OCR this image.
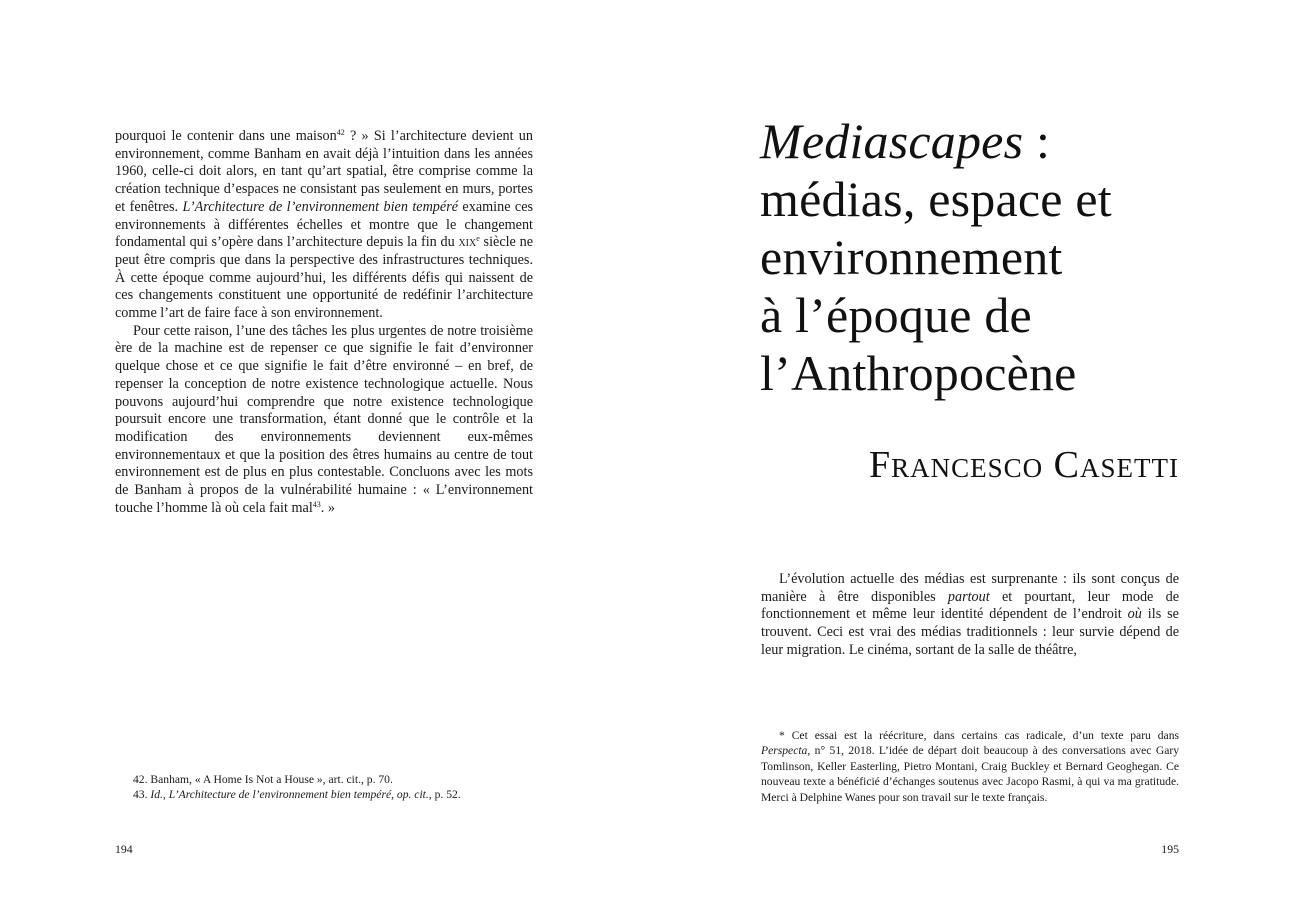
pourquoi le contenir dans une maison$^{42}$ ? » Si l’architecture devient un environnement, comme Banham en avait déjà l’intuition dans les années 1960, celle-ci doit alors, en tant qu’art spatial, être comprise comme la création technique d’espaces ne consistant pas seulement en murs, portes et fenêtres. L’Architecture de l’environnement bien tempéré examine ces environnements à différentes échelles et montre que le changement fondamental qui s’opère dans l’architecture depuis la fin du xix$^e$ siècle ne peut être compris que dans la perspective des infrastructures techniques. À cette époque comme aujourd’hui, les différents défis qui naissent de ces changements constituent une opportunité de redéfinir l’architecture comme l’art de faire face à son environnement.

Pour cette raison, l’une des tâches les plus urgentes de notre troisième ère de la machine est de repenser ce que signifie le fait d’environner quelque chose et ce que signifie le fait d’être environné – en bref, de repenser la conception de notre existence technologique actuelle. Nous pouvons aujourd’hui comprendre que notre existence technologique poursuit encore une transformation, étant donné que le contrôle et la modification des environnements deviennent eux-mêmes environnementaux et que la position des êtres humains au centre de tout environnement est de plus en plus contestable. Concluons avec les mots de Banham à propos de la vulnérabilité humaine : « L’environnement touche l’homme là où cela fait mal$^{43}$. »

42. Banham, « A Home Is Not a House », art. cit., p. 70.
43. Id., L’Architecture de l’environnement bien tempéré, op. cit., p. 52.
194
Mediascapes :
médias, espace et
environnement
à l’époque de
l’Anthropocène
Francesco Casetti

L’évolution actuelle des médias est surprenante : ils sont conçus de manière à être disponibles partout et pourtant, leur mode de fonctionnement et même leur identité dépendent de l’endroit où ils se trouvent. Ceci est vrai des médias traditionnels : leur survie dépend de leur migration. Le cinéma, sortant de la salle de théâtre,

* Cet essai est la réécriture, dans certains cas radicale, d’un texte paru dans Perspecta, n° 51, 2018. L’idée de départ doit beaucoup à des conversations avec Gary Tomlinson, Keller Easterling, Pietro Montani, Craig Buckley et Bernard Geoghegan. Ce nouveau texte a bénéficié d’échanges soutenus avec Jacopo Rasmi, à qui va ma gratitude. Merci à Delphine Wanes pour son travail sur le texte français.

195
